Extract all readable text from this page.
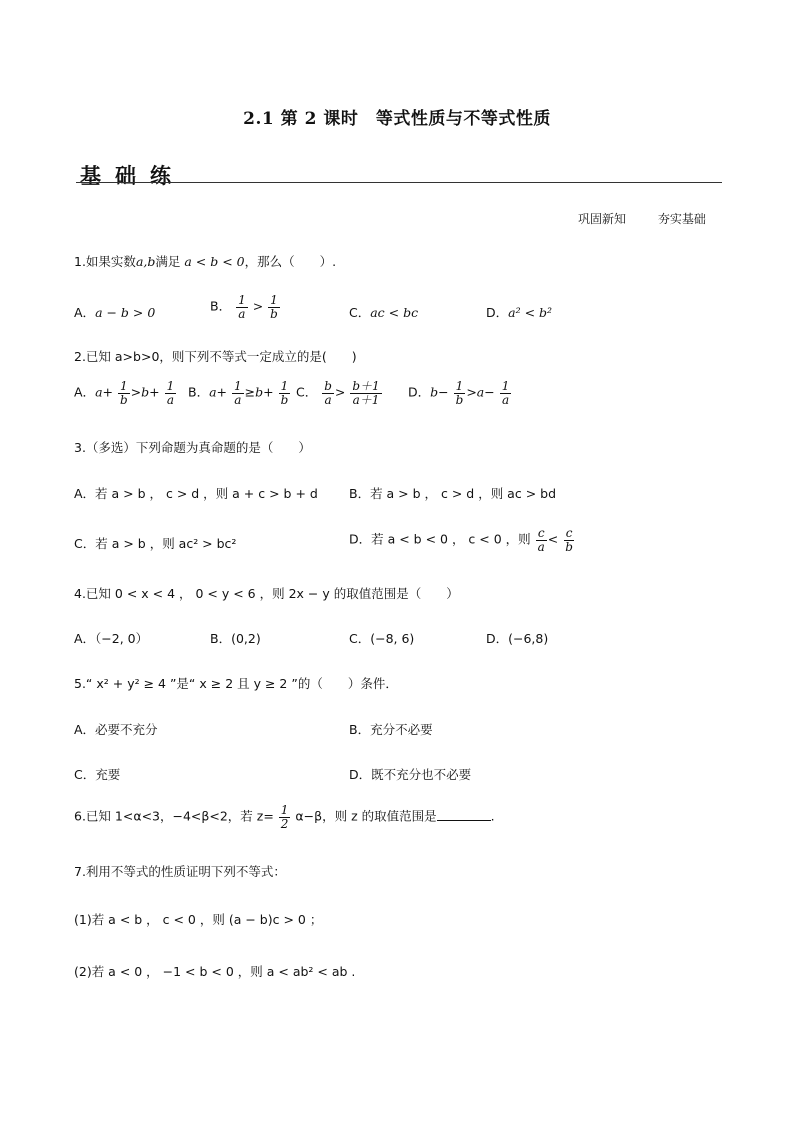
2.1 第 2 课时　等式性质与不等式性质
基础练
巩固新知	夯实基础
1.如果实数a,b满足 a < b < 0，那么（　　）.
A．a − b > 0	B． $\frac{1}{a} > \frac{1}{b}$	C．ac < bc	D．a² < b²
2.已知 a>b>0，则下列不等式一定成立的是(　　)
A．$a+ \frac{1}{b} >b+ \frac{1}{a}$ B．$a+ \frac{1}{a} \ge b+ \frac{1}{b}$ C． $\frac{b}{a} > \frac{b+1}{a+1}$ D．$b- \frac{1}{b} >a- \frac{1}{a}$
3.（多选）下列命题为真命题的是（　　）
A．若 a > b ， c > d ，则 a + c > b + d B．若 a > b ， c > d ，则 ac > bd
C．若 a > b ，则 ac² > bc²	D．若 a < b < 0 ， c < 0 ，则 $\frac{c}{a} < \frac{c}{b}$
4.已知 0 < x < 4 ， 0 < y < 6 ，则 2x − y 的取值范围是（　　）
A．（−2, 0）	B．(0,2)	C．(−8, 6)	D．(−6,8)
5.“ x² + y² ≥ 4 ”是“ x ≥ 2 且 y ≥ 2 ”的（　　）条件．
A．必要不充分	B．充分不必要
C．充要	D．既不充分也不必要
6.已知 1<α<3，−4<β<2，若 $z= \frac{1}{2} \alpha-\beta$，则 z 的取值范围是	.
7.利用不等式的性质证明下列不等式：
(1)若 a < b ， c < 0 ，则 (a − b)c > 0 ；
(2)若 a < 0 ， −1 < b < 0 ，则 a < ab² < ab .
